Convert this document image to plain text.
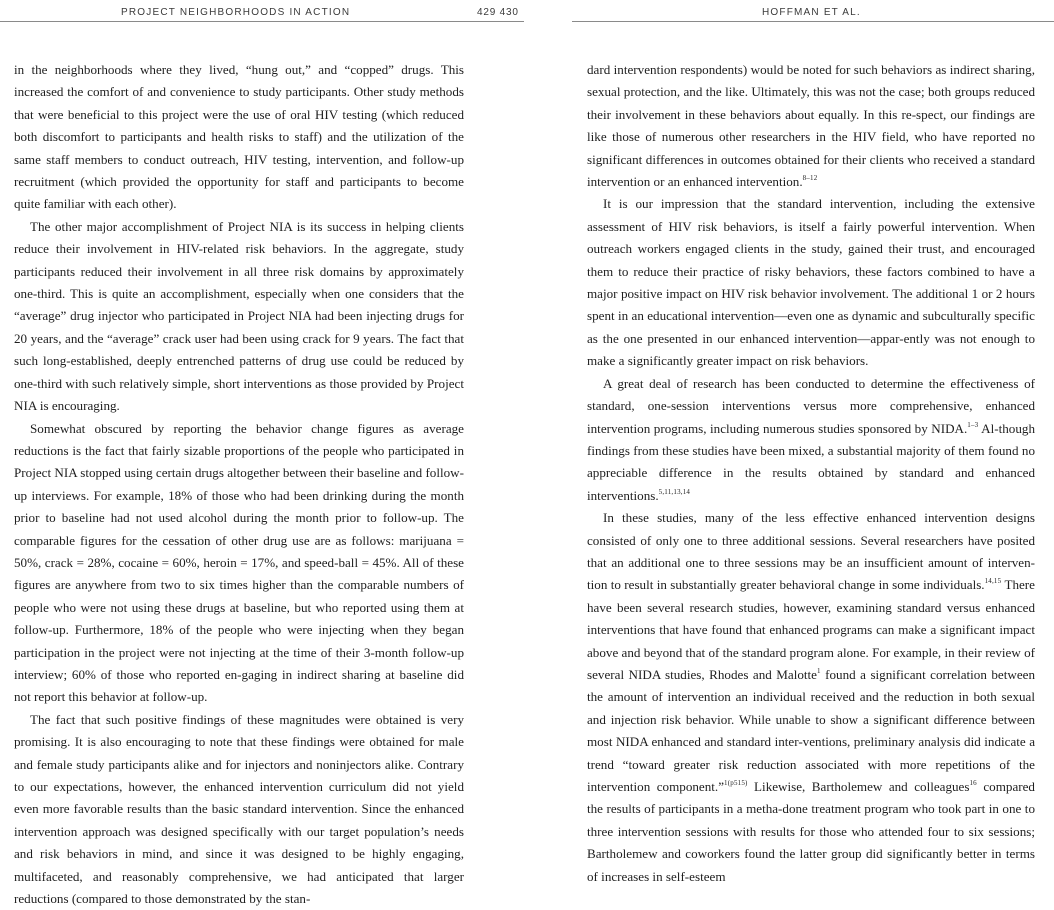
PROJECT NEIGHBORHOODS IN ACTION	429 430	HOFFMAN ET AL.

in the neighborhoods where they lived, “hung out,” and “copped” drugs. This increased the comfort of and convenience to study participants. Other study methods that were beneficial to this project were the use of oral HIV testing (which reduced both discomfort to participants and health risks to staff) and the utilization of the same staff members to conduct outreach, HIV testing, intervention, and follow-up recruitment (which provided the opportunity for staff and participants to become quite familiar with each other).

The other major accomplishment of Project NIA is its success in helping clients reduce their involvement in HIV-related risk behaviors. In the aggregate, study participants reduced their involvement in all three risk domains by approximately one-third. This is quite an accomplishment, especially when one considers that the “average” drug injector who participated in Project NIA had been injecting drugs for 20 years, and the “average” crack user had been using crack for 9 years. The fact that such long-established, deeply entrenched patterns of drug use could be reduced by one-third with such relatively simple, short interventions as those provided by Project NIA is encouraging.

Somewhat obscured by reporting the behavior change figures as average reductions is the fact that fairly sizable proportions of the people who participated in Project NIA stopped using certain drugs altogether between their baseline and follow-up interviews. For example, 18% of those who had been drinking during the month prior to baseline had not used alcohol during the month prior to follow-up. The comparable figures for the cessation of other drug use are as follows: marijuana = 50%, crack = 28%, cocaine = 60%, heroin = 17%, and speed-ball = 45%. All of these figures are anywhere from two to six times higher than the comparable numbers of people who were not using these drugs at baseline, but who reported using them at follow-up. Furthermore, 18% of the people who were injecting when they began participation in the project were not injecting at the time of their 3-month follow-up interview; 60% of those who reported en-gaging in indirect sharing at baseline did not report this behavior at follow-up.

The fact that such positive findings of these magnitudes were obtained is very promising. It is also encouraging to note that these findings were obtained for male and female study participants alike and for injectors and noninjectors alike. Contrary to our expectations, however, the enhanced intervention curriculum did not yield even more favorable results than the basic standard intervention. Since the enhanced intervention approach was designed specifically with our target population’s needs and risk behaviors in mind, and since it was designed to be highly engaging, multifaceted, and reasonably comprehensive, we had anticipated that larger reductions (compared to those demonstrated by the stan-

dard intervention respondents) would be noted for such behaviors as indirect sharing, sexual protection, and the like. Ultimately, this was not the case; both groups reduced their involvement in these behaviors about equally. In this re-spect, our findings are like those of numerous other researchers in the HIV field, who have reported no significant differences in outcomes obtained for their clients who received a standard intervention or an enhanced intervention.$^{8-12}$

It is our impression that the standard intervention, including the extensive assessment of HIV risk behaviors, is itself a fairly powerful intervention. When outreach workers engaged clients in the study, gained their trust, and encouraged them to reduce their practice of risky behaviors, these factors combined to have a major positive impact on HIV risk behavior involvement. The additional 1 or 2 hours spent in an educational intervention—even one as dynamic and subculturally specific as the one presented in our enhanced intervention—appar-ently was not enough to make a significantly greater impact on risk behaviors.

A great deal of research has been conducted to determine the effectiveness of standard, one-session interventions versus more comprehensive, enhanced intervention programs, including numerous studies sponsored by NIDA.$^{1-3}$ Al-though findings from these studies have been mixed, a substantial majority of them found no appreciable difference in the results obtained by standard and enhanced interventions.$^{5,11,13,14}$

In these studies, many of the less effective enhanced intervention designs consisted of only one to three additional sessions. Several researchers have posited that an additional one to three sessions may be an insufficient amount of interven-tion to result in substantially greater behavioral change in some individuals.$^{14,15}$ There have been several research studies, however, examining standard versus enhanced interventions that have found that enhanced programs can make a significant impact above and beyond that of the standard program alone. For example, in their review of several NIDA studies, Rhodes and Malotte$^1$ found a significant correlation between the amount of intervention an individual received and the reduction in both sexual and injection risk behavior. While unable to show a significant difference between most NIDA enhanced and standard inter-ventions, preliminary analysis did indicate a trend “toward greater risk reduction associated with more repetitions of the intervention component.”$^{1(p515)}$ Likewise, Bartholemew and colleagues$^{16}$ compared the results of participants in a metha-done treatment program who took part in one to three intervention sessions with results for those who attended four to six sessions; Bartholemew and coworkers found the latter group did significantly better in terms of increases in self-esteem
